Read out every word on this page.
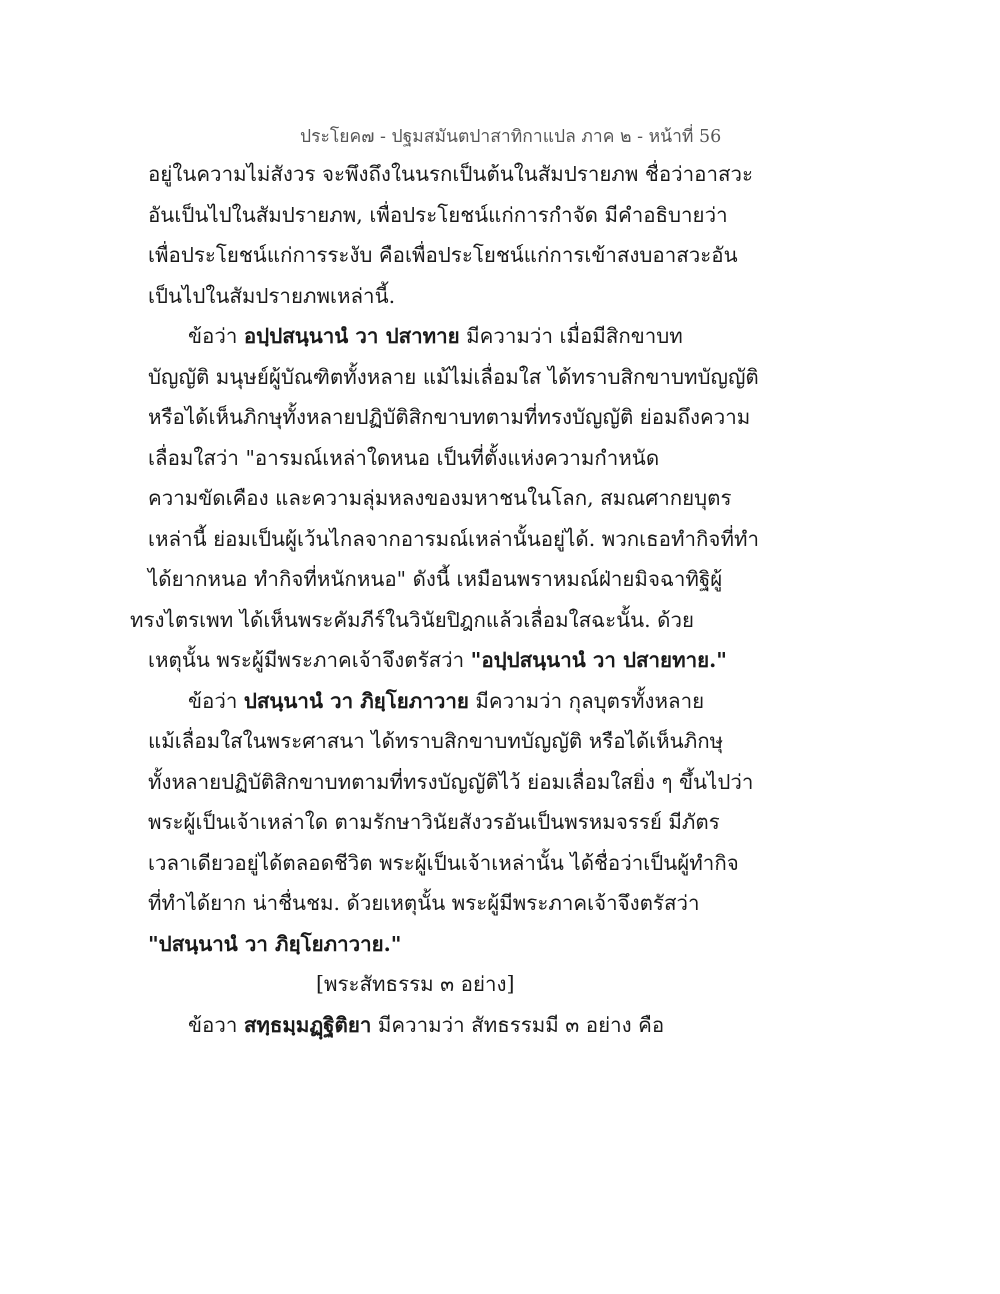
ประโยค๗ - ปฐมสมันตปาสาทิกาแปล ภาค ๒ - หน้าที่ 56
อยู่ในความไม่สังวร จะพึงถึงในนรกเป็นต้นในสัมปรายภพ ชื่อว่าอาสวะ
อันเป็นไปในสัมปรายภพ, เพื่อประโยชน์แก่การกำจัด มีคำอธิบายว่า
เพื่อประโยชน์แก่การระงับ คือเพื่อประโยชน์แก่การเข้าสงบอาสวะอัน
เป็นไปในสัมปรายภพเหล่านี้.
ข้อว่า อปฺปสนฺนานํ วา ปสาทาย มีความว่า เมื่อมีสิกขาบท
บัญญัติ มนุษย์ผู้บัณฑิตทั้งหลาย แม้ไม่เลื่อมใส ได้ทราบสิกขาบทบัญญัติ
หรือได้เห็นภิกษุทั้งหลายปฏิบัติสิกขาบทตามที่ทรงบัญญัติ ย่อมถึงความ
เลื่อมใสว่า "อารมณ์เหล่าใดหนอ เป็นที่ตั้งแห่งความกำหนัด
ความขัดเคือง และความลุ่มหลงของมหาชนในโลก, สมณศากยบุตร
เหล่านี้ ย่อมเป็นผู้เว้นไกลจากอารมณ์เหล่านั้นอยู่ได้. พวกเธอทำกิจที่ทำ
ได้ยากหนอ ทำกิจที่หนักหนอ" ดังนี้ เหมือนพราหมณ์ฝ่ายมิจฉาทิฐิผู้
ทรงไตรเพท ได้เห็นพระคัมภีร์ในวินัยปิฎกแล้วเลื่อมใสฉะนั้น. ด้วย
เหตุนั้น พระผู้มีพระภาคเจ้าจึงตรัสว่า "อปฺปสนฺนานํ วา ปสายทาย."
ข้อว่า ปสนฺนานํ วา ภิยฺโยภาวาย มีความว่า กุลบุตรทั้งหลาย
แม้เลื่อมใสในพระศาสนา ได้ทราบสิกขาบทบัญญัติ หรือได้เห็นภิกษุ
ทั้งหลายปฏิบัติสิกขาบทตามที่ทรงบัญญัติไว้ ย่อมเลื่อมใสยิ่ง ๆ ขึ้นไปว่า
พระผู้เป็นเจ้าเหล่าใด ตามรักษาวินัยสังวรอันเป็นพรหมจรรย์ มีภัตร
เวลาเดียวอยู่ได้ตลอดชีวิต พระผู้เป็นเจ้าเหล่านั้น ได้ชื่อว่าเป็นผู้ทำกิจ
ที่ทำได้ยาก น่าชื่นชม. ด้วยเหตุนั้น พระผู้มีพระภาคเจ้าจึงตรัสว่า
"ปสนฺนานํ วา ภิยฺโยภาวาย."
[พระสัทธรรม ๓ อย่าง]
ข้อวา สทฺธมฺมฏฺฐิติยา มีความว่า สัทธรรมมี ๓ อย่าง คือ
